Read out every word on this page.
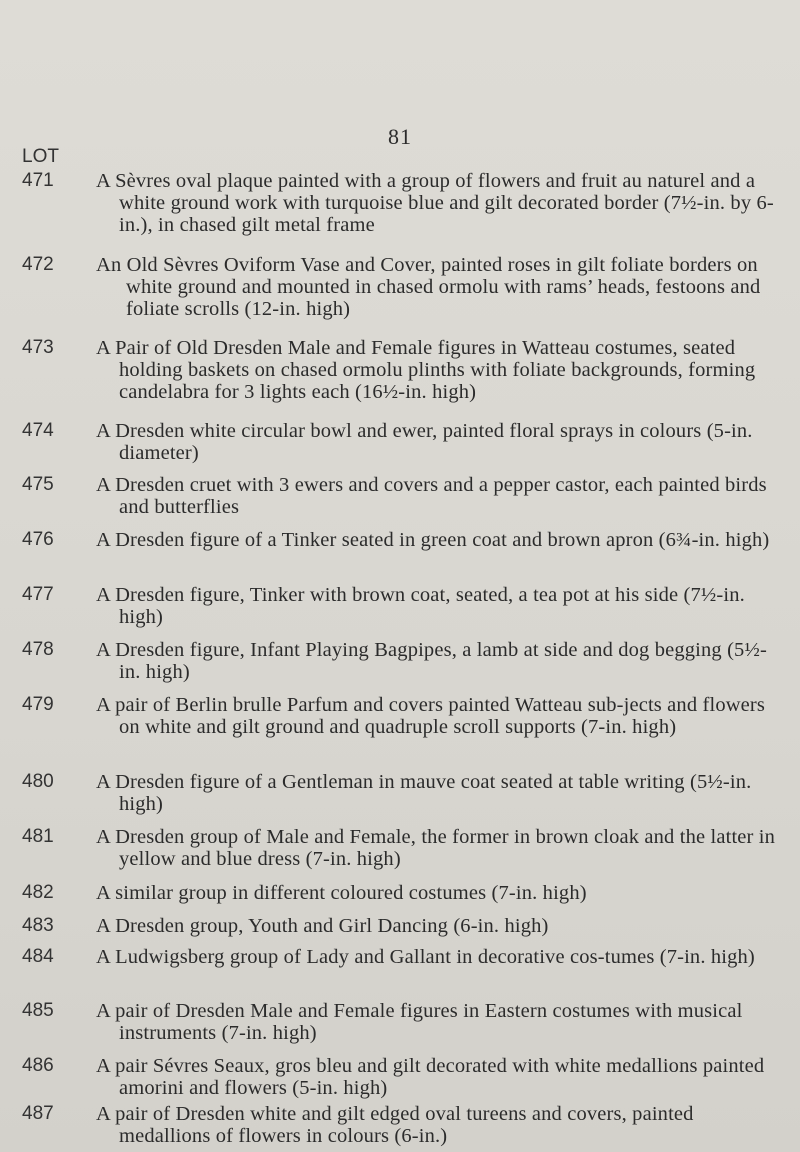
81
LOT
471 A Sèvres oval plaque painted with a group of flowers and fruit au naturel and a white ground work with turquoise blue and gilt decorated border (7½-in. by 6-in.), in chased gilt metal frame
472 An Old Sèvres Oviform Vase and Cover, painted roses in gilt foliate borders on white ground and mounted in chased ormolu with rams’ heads, festoons and foliate scrolls (12-in. high)
473 A Pair of Old Dresden Male and Female figures in Watteau costumes, seated holding baskets on chased ormolu plinths with foliate backgrounds, forming candelabra for 3 lights each (16½-in. high)
474 A Dresden white circular bowl and ewer, painted floral sprays in colours (5-in. diameter)
475 A Dresden cruet with 3 ewers and covers and a pepper castor, each painted birds and butterflies
476 A Dresden figure of a Tinker seated in green coat and brown apron (6¾-in. high)
477 A Dresden figure, Tinker with brown coat, seated, a tea pot at his side (7½-in. high)
478 A Dresden figure, Infant Playing Bagpipes, a lamb at side and dog begging (5½-in. high)
479 A pair of Berlin brulle Parfum and covers painted Watteau sub-jects and flowers on white and gilt ground and quadruple scroll supports (7-in. high)
480 A Dresden figure of a Gentleman in mauve coat seated at table writing (5½-in. high)
481 A Dresden group of Male and Female, the former in brown cloak and the latter in yellow and blue dress (7-in. high)
482 A similar group in different coloured costumes (7-in. high)
483 A Dresden group, Youth and Girl Dancing (6-in. high)
484 A Ludwigsberg group of Lady and Gallant in decorative cos-tumes (7-in. high)
485 A pair of Dresden Male and Female figures in Eastern costumes with musical instruments (7-in. high)
486 A pair Sévres Seaux, gros bleu and gilt decorated with white medallions painted amorini and flowers (5-in. high)
487 A pair of Dresden white and gilt edged oval tureens and covers, painted medallions of flowers in colours (6-in.)
